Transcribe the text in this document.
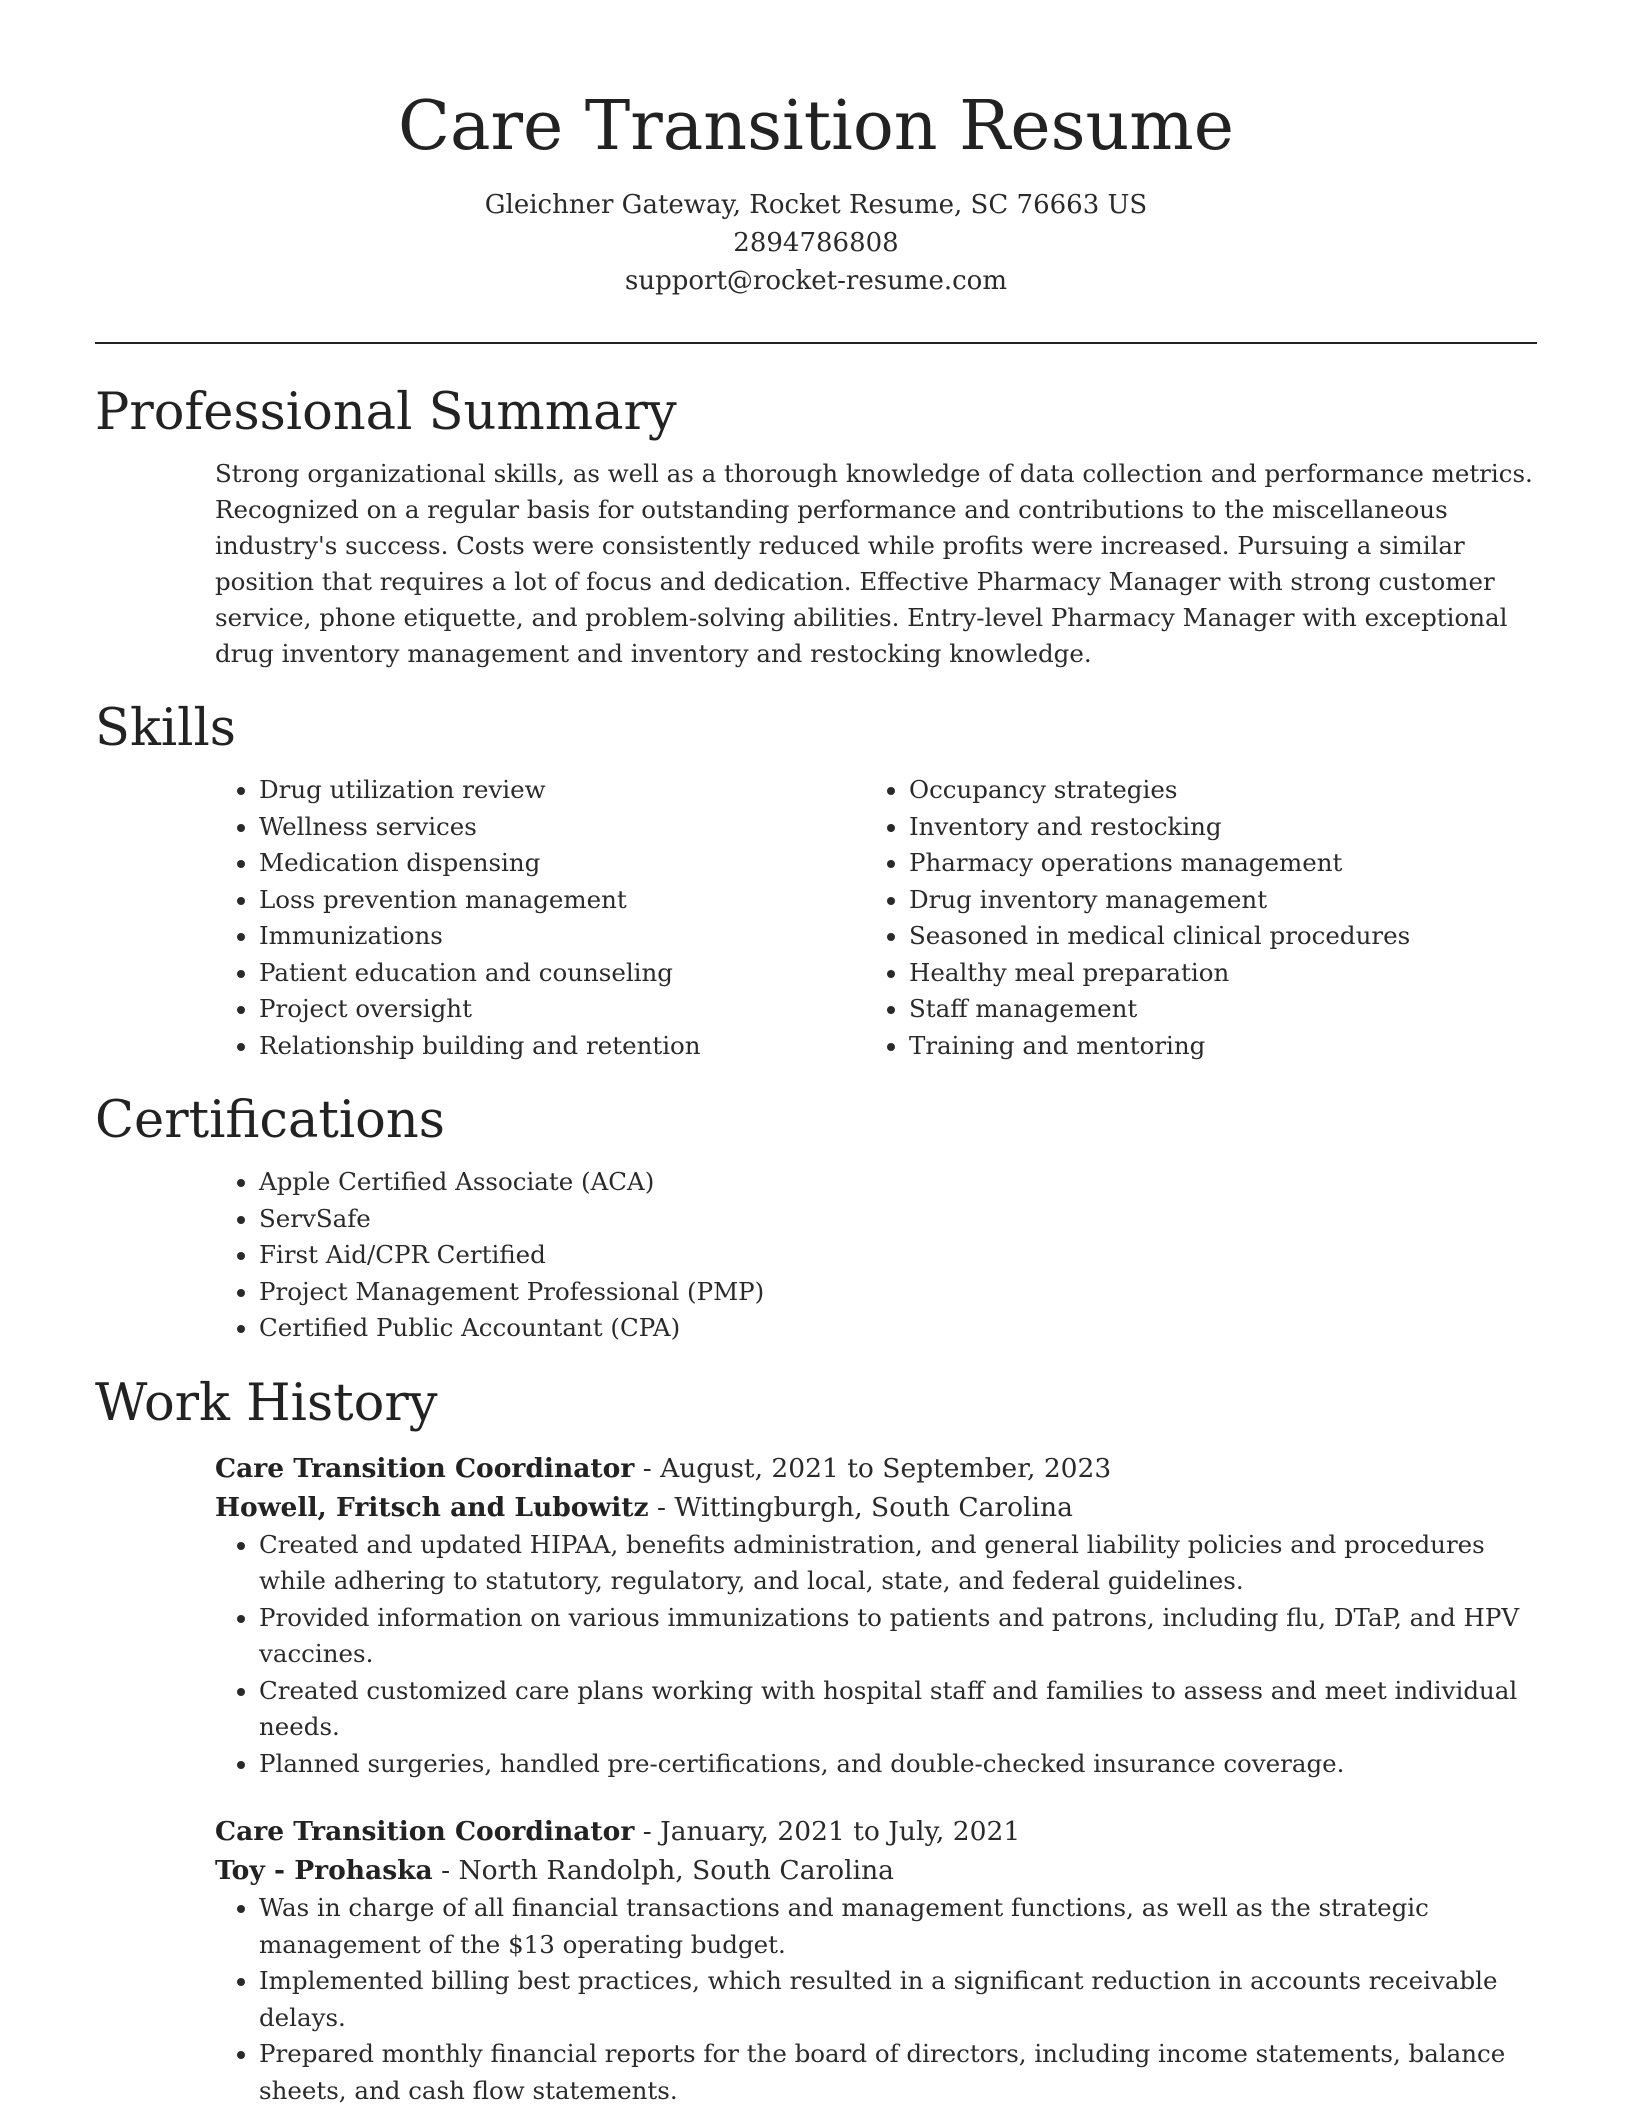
Care Transition Resume

Gleichner Gateway, Rocket Resume, SC 76663 US

2894786808

support@rocket-resume.com

Professional Summary

Strong organizational skills, as well as a thorough knowledge of data collection and performance metrics. Recognized on a regular basis for outstanding performance and contributions to the miscellaneous industry's success. Costs were consistently reduced while profits were increased. Pursuing a similar position that requires a lot of focus and dedication. Effective Pharmacy Manager with strong customer service, phone etiquette, and problem-solving abilities. Entry-level Pharmacy Manager with exceptional drug inventory management and inventory and restocking knowledge.

Skills
• Drug utilization review
• Wellness services
• Medication dispensing
• Loss prevention management
• Immunizations
• Patient education and counseling
• Project oversight
• Relationship building and retention
• Occupancy strategies
• Inventory and restocking
• Pharmacy operations management
• Drug inventory management
• Seasoned in medical clinical procedures
• Healthy meal preparation
• Staff management
• Training and mentoring
Certifications
• Apple Certified Associate (ACA)
• ServSafe
• First Aid/CPR Certified
• Project Management Professional (PMP)
• Certified Public Accountant (CPA)
Work History

Care Transition Coordinator - August, 2021 to September, 2023

Howell, Fritsch and Lubowitz - Wittingburgh, South Carolina

• Created and updated HIPAA, benefits administration, and general liability policies and procedures while adhering to statutory, regulatory, and local, state, and federal guidelines.
• Provided information on various immunizations to patients and patrons, including flu, DTaP, and HPV vaccines.
• Created customized care plans working with hospital staff and families to assess and meet individual needs.
• Planned surgeries, handled pre-certifications, and double-checked insurance coverage.

Care Transition Coordinator - January, 2021 to July, 2021

Toy - Prohaska - North Randolph, South Carolina

• Was in charge of all financial transactions and management functions, as well as the strategic management of the $13 operating budget.
• Implemented billing best practices, which resulted in a significant reduction in accounts receivable delays.
• Prepared monthly financial reports for the board of directors, including income statements, balance sheets, and cash flow statements.
